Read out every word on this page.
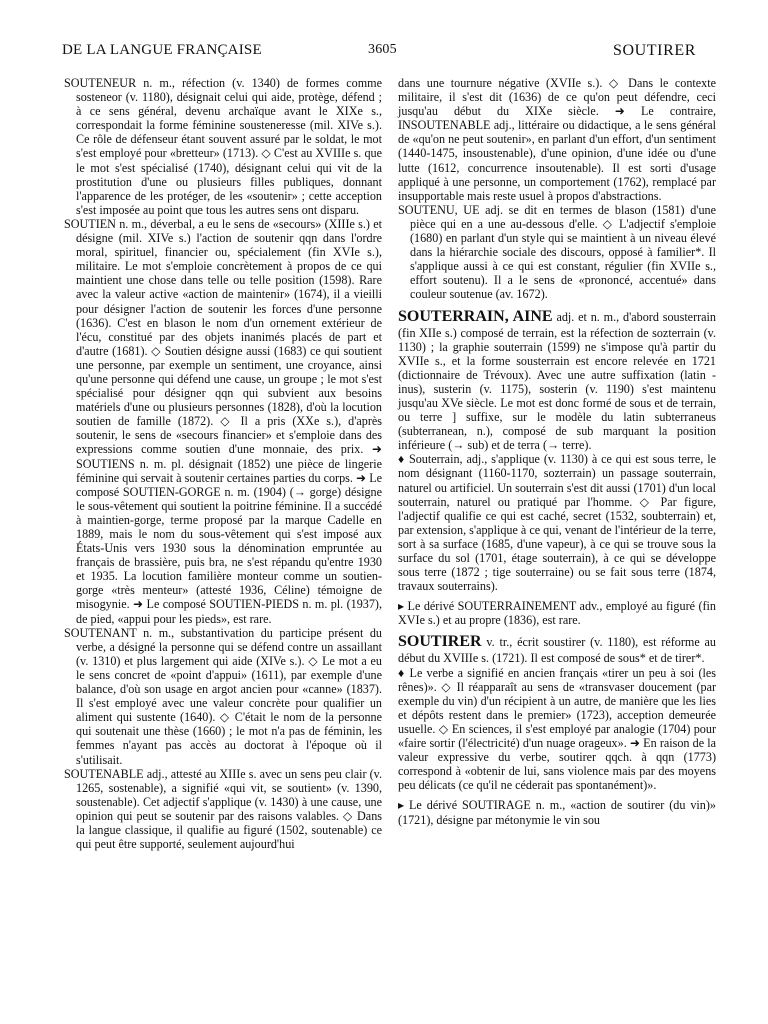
DE LA LANGUE FRANÇAISE	3605	SOUTIRER

SOUTENEUR n. m., réfection (v. 1340) de formes comme sosteneor (v. 1180), désignait celui qui aide, protège, défend ; à ce sens général, devenu archaïque avant le XIXe s., correspondait la forme féminine sousteneresse (mil. XIVe s.). Ce rôle de défenseur étant souvent assuré par le soldat, le mot s'est employé pour «bretteur» (1713). ◇ C'est au XVIIIe s. que le mot s'est spécialisé (1740), désignant celui qui vit de la prostitution d'une ou plusieurs filles publiques, donnant l'apparence de les protéger, de les «soutenir» ; cette acception s'est imposée au point que tous les autres sens ont disparu.

SOUTIEN n. m., déverbal, a eu le sens de «secours» (XIIIe s.) et désigne (mil. XIVe s.) l'action de soutenir qqn dans l'ordre moral, spirituel, financier ou, spécialement (fin XVIe s.), militaire. Le mot s'emploie concrètement à propos de ce qui maintient une chose dans telle ou telle position (1598). Rare avec la valeur active «action de maintenir» (1674), il a vieilli pour désigner l'action de soutenir les forces d'une personne (1636). C'est en blason le nom d'un ornement extérieur de l'écu, constitué par des objets inanimés placés de part et d'autre (1681). ◇ Soutien désigne aussi (1683) ce qui soutient une personne, par exemple un sentiment, une croyance, ainsi qu'une personne qui défend une cause, un groupe ; le mot s'est spécialisé pour désigner qqn qui subvient aux besoins matériels d'une ou plusieurs personnes (1828), d'où la locution soutien de famille (1872). ◇ Il a pris (XXe s.), d'après soutenir, le sens de «secours financier» et s'emploie dans des expressions comme soutien d'une monnaie, des prix. ➜ SOUTIENS n. m. pl. désignait (1852) une pièce de lingerie féminine qui servait à soutenir certaines parties du corps. ➜ Le composé SOUTIEN-GORGE n. m. (1904) (→ gorge) désigne le sous-vêtement qui soutient la poitrine féminine. Il a succédé à maintien-gorge, terme proposé par la marque Cadelle en 1889, mais le nom du sous-vêtement qui s'est imposé aux États-Unis vers 1930 sous la dénomination empruntée au français de brassière, puis bra, ne s'est répandu qu'entre 1930 et 1935. La locution familière monteur comme un soutien-gorge «très menteur» (attesté 1936, Céline) témoigne de misogynie. ➜ Le composé SOUTIEN-PIEDS n. m. pl. (1937), de pied, «appui pour les pieds», est rare.

SOUTENANT n. m., substantivation du participe présent du verbe, a désigné la personne qui se défend contre un assaillant (v. 1310) et plus largement qui aide (XIVe s.). ◇ Le mot a eu le sens concret de «point d'appui» (1611), par exemple d'une balance, d'où son usage en argot ancien pour «canne» (1837). Il s'est employé avec une valeur concrète pour qualifier un aliment qui sustente (1640). ◇ C'était le nom de la personne qui soutenait une thèse (1660) ; le mot n'a pas de féminin, les femmes n'ayant pas accès au doctorat à l'époque où il s'utilisait.

SOUTENABLE adj., attesté au XIIIe s. avec un sens peu clair (v. 1265, sostenable), a signifié «qui vit, se soutient» (v. 1390, soustenable). Cet adjectif s'applique (v. 1430) à une cause, une opinion qui peut se soutenir par des raisons valables. ◇ Dans la langue classique, il qualifie au figuré (1502, soutenable) ce qui peut être supporté, seulement aujourd'hui

dans une tournure négative (XVIIe s.). ◇ Dans le contexte militaire, il s'est dit (1636) de ce qu'on peut défendre, ceci jusqu'au début du XIXe siècle. ➜ Le contraire, INSOUTENABLE adj., littéraire ou didactique, a le sens général de «qu'on ne peut soutenir», en parlant d'un effort, d'un sentiment (1440-1475, insoustenable), d'une opinion, d'une idée ou d'une lutte (1612, concurrence insoutenable). Il est sorti d'usage appliqué à une personne, un comportement (1762), remplacé par insupportable mais reste usuel à propos d'abstractions.

SOUTENU, UE adj. se dit en termes de blason (1581) d'une pièce qui en a une au-dessous d'elle. ◇ L'adjectif s'emploie (1680) en parlant d'un style qui se maintient à un niveau élevé dans la hiérarchie sociale des discours, opposé à familier*. Il s'applique aussi à ce qui est constant, régulier (fin XVIIe s., effort soutenu). Il a le sens de «prononcé, accentué» dans couleur soutenue (av. 1672).

SOUTERRAIN, AINE adj. et n. m., d'abord sousterrain (fin XIIe s.) composé de terrain, est la réfection de sozterrain (v. 1130) ; la graphie souterrain (1599) ne s'impose qu'à partir du XVIIe s., et la forme sousterrain est encore relevée en 1721 (dictionnaire de Trévoux). Avec une autre suffixation (latin -inus), susterin (v. 1175), sosterin (v. 1190) s'est maintenu jusqu'au XVe siècle. Le mot est donc formé de sous et de terrain, ou terre ] suffixe, sur le modèle du latin subterraneus (subterranean, n.), composé de sub marquant la position inférieure (→ sub) et de terra (→ terre).

♦ Souterrain, adj., s'applique (v. 1130) à ce qui est sous terre, le nom désignant (1160-1170, sozterrain) un passage souterrain, naturel ou artificiel. Un souterrain s'est dit aussi (1701) d'un local souterrain, naturel ou pratiqué par l'homme. ◇ Par figure, l'adjectif qualifie ce qui est caché, secret (1532, soubterrain) et, par extension, s'applique à ce qui, venant de l'intérieur de la terre, sort à sa surface (1685, d'une vapeur), à ce qui se trouve sous la surface du sol (1701, étage souterrain), à ce qui se développe sous terre (1872 ; tige souterraine) ou se fait sous terre (1874, travaux souterrains).

▸ Le dérivé SOUTERRAINEMENT adv., employé au figuré (fin XVIe s.) et au propre (1836), est rare.

SOUTIRER v. tr., écrit soustirer (v. 1180), est réforme au début du XVIIIe s. (1721). Il est composé de sous* et de tirer*.

♦ Le verbe a signifié en ancien français «tirer un peu à soi (les rênes)». ◇ Il réapparaît au sens de «transvaser doucement (par exemple du vin) d'un récipient à un autre, de manière que les lies et dépôts restent dans le premier» (1723), acception demeurée usuelle. ◇ En sciences, il s'est employé par analogie (1704) pour «faire sortir (l'électricité) d'un nuage orageux». ➜ En raison de la valeur expressive du verbe, soutirer qqch. à qqn (1773) correspond à «obtenir de lui, sans violence mais par des moyens peu délicats (ce qu'il ne céderait pas spontanément)».

▸ Le dérivé SOUTIRAGE n. m., «action de soutirer (du vin)» (1721), désigne par métonymie le vin sou
